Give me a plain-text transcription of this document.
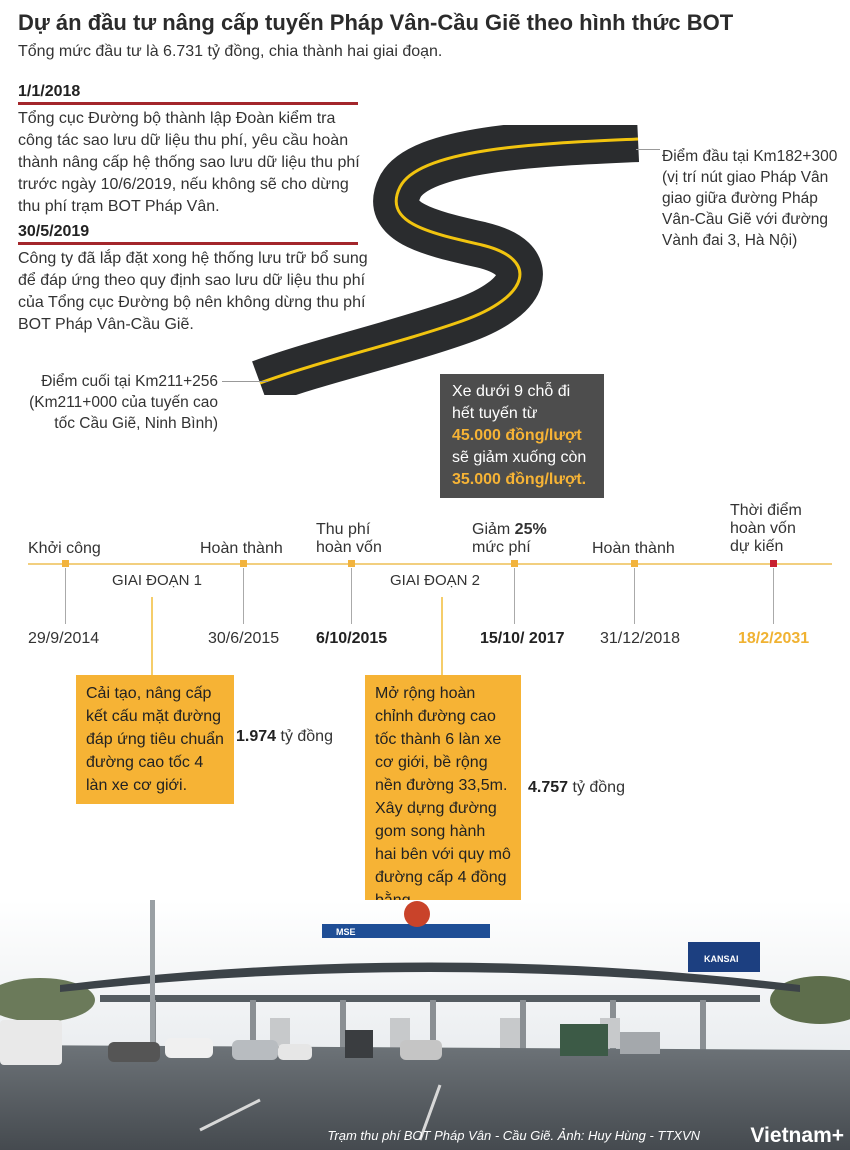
Dự án đầu tư nâng cấp tuyến Pháp Vân-Cầu Giẽ theo hình thức BOT
Tổng mức đầu tư là 6.731 tỷ đồng, chia thành hai giai đoạn.
1/1/2018
Tổng cục Đường bộ thành lập Đoàn kiểm tra công tác sao lưu dữ liệu thu phí, yêu cầu hoàn thành nâng cấp hệ thống sao lưu dữ liệu thu phí trước ngày 10/6/2019, nếu không sẽ cho dừng thu phí trạm BOT Pháp Vân.
30/5/2019
Công ty đã lắp đặt xong hệ thống lưu trữ bổ sung để đáp ứng theo quy định sao lưu dữ liệu thu phí của Tổng cục Đường bộ nên không dừng thu phí BOT Pháp Vân-Cầu Giẽ.
Điểm đầu tại Km182+300 (vị trí nút giao Pháp Vân giao giữa đường Pháp Vân-Cầu Giẽ với đường Vành đai 3, Hà Nội)
Điểm cuối tại Km211+256 (Km211+000 của tuyến cao tốc Cầu Giẽ, Ninh Bình)
Xe dưới 9 chỗ đi
hết tuyến từ
45.000 đồng/lượt
sẽ giảm xuống còn
35.000 đồng/lượt.
Khởi công	Hoàn thành
Thu phí
hoàn vốn
Giảm 25%
mức phí	Hoàn thành
Thời điểm
hoàn vốn
dự kiến
GIAI ĐOẠN 1	GIAI ĐOẠN 2
29/9/2014	30/6/2015 6/10/2015	15/10/ 2017 31/12/2018	18/2/2031
Cải tạo, nâng cấp kết cấu mặt đường đáp ứng tiêu chuẩn đường cao tốc 4 làn xe cơ giới.
1.974 tỷ đồng
Mở rộng hoàn chỉnh đường cao tốc thành 6 làn xe cơ giới, bề rộng nền đường 33,5m. Xây dựng đường gom song hành hai bên với quy mô đường cấp 4 đồng
4.757 tỷ đồng
MSE
KANSAI
Trạm thu phí BOT Pháp Vân - Cầu Giẽ. Ảnh: Huy Hùng - TTXVN Vietnam+
